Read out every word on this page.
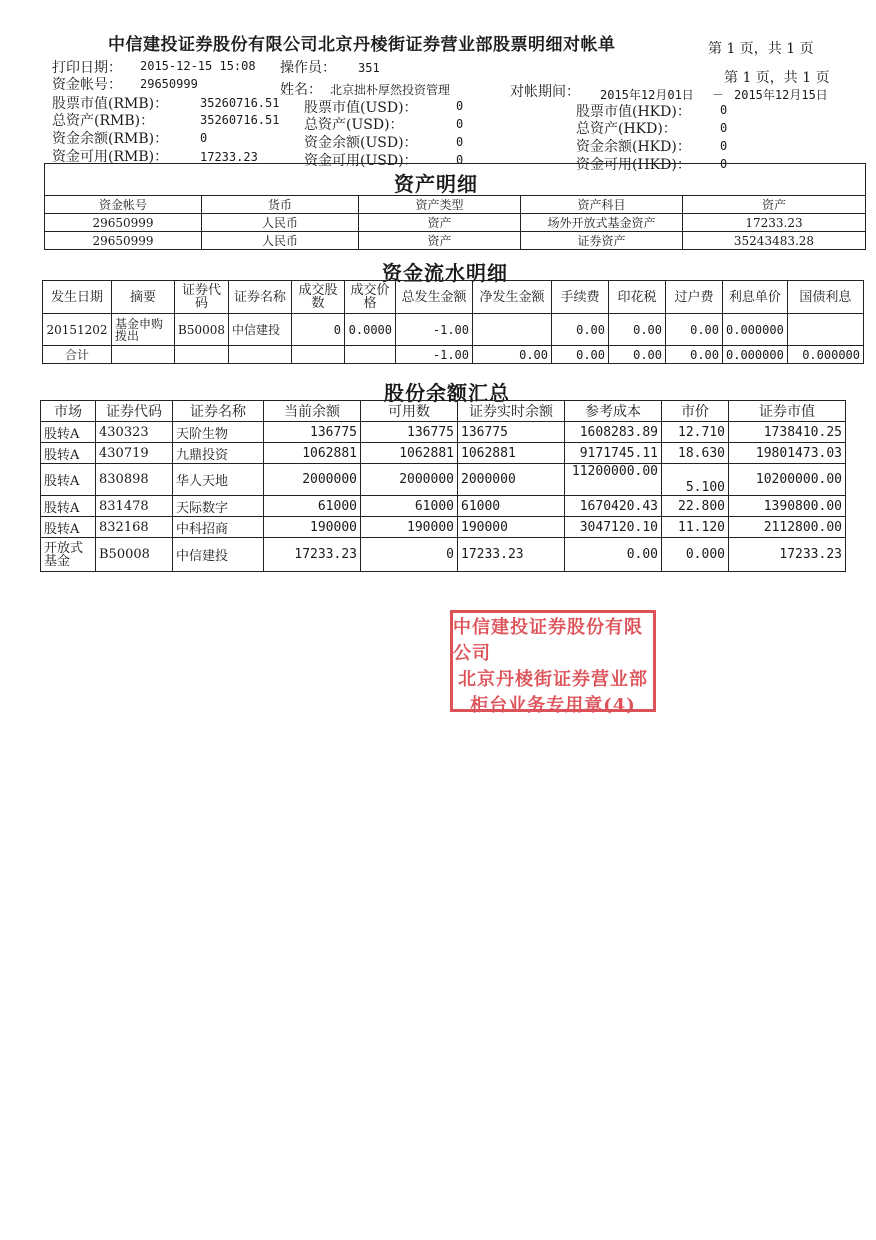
中信建投证券股份有限公司北京丹棱街证券营业部股票明细对帐单	第 1 页，共 1 页
第 1 页，共 1 页
打印日期： 2015-12-15 15:08 操作员： 351
资金帐号： 29650999	姓名： 北京拙朴厚然投资管理	对帐期间： 2015年12月01日 － 2015年12月15日
股票市值(RMB)：	35260716.51
总资产(RMB)：	35260716.51
资金余额(RMB)：	0
资金可用(RMB)：	17233.23
股票市值(USD)：	0
总资产(USD)：	0
资金余额(USD)：	0
资金可用(USD)：	0
股票市值(HKD)： 0
总资产(HKD)：	0
资金余额(HKD)： 0
资金可用(HKD)： 0
资产明细
资金帐号	货币	资产类型	资产科目	资产
29650999	人民币	资产	场外开放式基金资产	17233.23
29650999	人民币	资产	证券资产	35243483.28
资金流水明细
发生日期	摘要	证券代码	证券名称	成交股数	成交价格	总发生金额	净发生金额	手续费	印花税	过户费	利息单价	国债利息
20151202	基金申购拨出	B50008	中信建投	0	0.0000	-1.00		0.00	0.00	0.00	0.000000	
合计						-1.00	0.00	0.00	0.00	0.00	0.000000	0.000000
股份余额汇总
市场	证券代码	证券名称	当前余额	可用数	证券实时余额	参考成本	市价	证券市值
股转A	430323	天阶生物	136775	136775	136775	1608283.89	12.710	1738410.25
股转A	430719	九鼎投资	1062881	1062881	1062881	9171745.11	18.630	19801473.03
股转A	830898	华人天地	2000000	2000000	2000000	11200000.00	5.100	10200000.00
股转A	831478	天际数字	61000	61000	61000	1670420.43	22.800	1390800.00
股转A	832168	中科招商	190000	190000	190000	3047120.10	11.120	2112800.00
开放式基金	B50008	中信建投	17233.23	0	17233.23	0.00	0.000	17233.23
中信建投证券股份有限公司
北京丹棱街证券营业部
柜台业务专用章(4)
